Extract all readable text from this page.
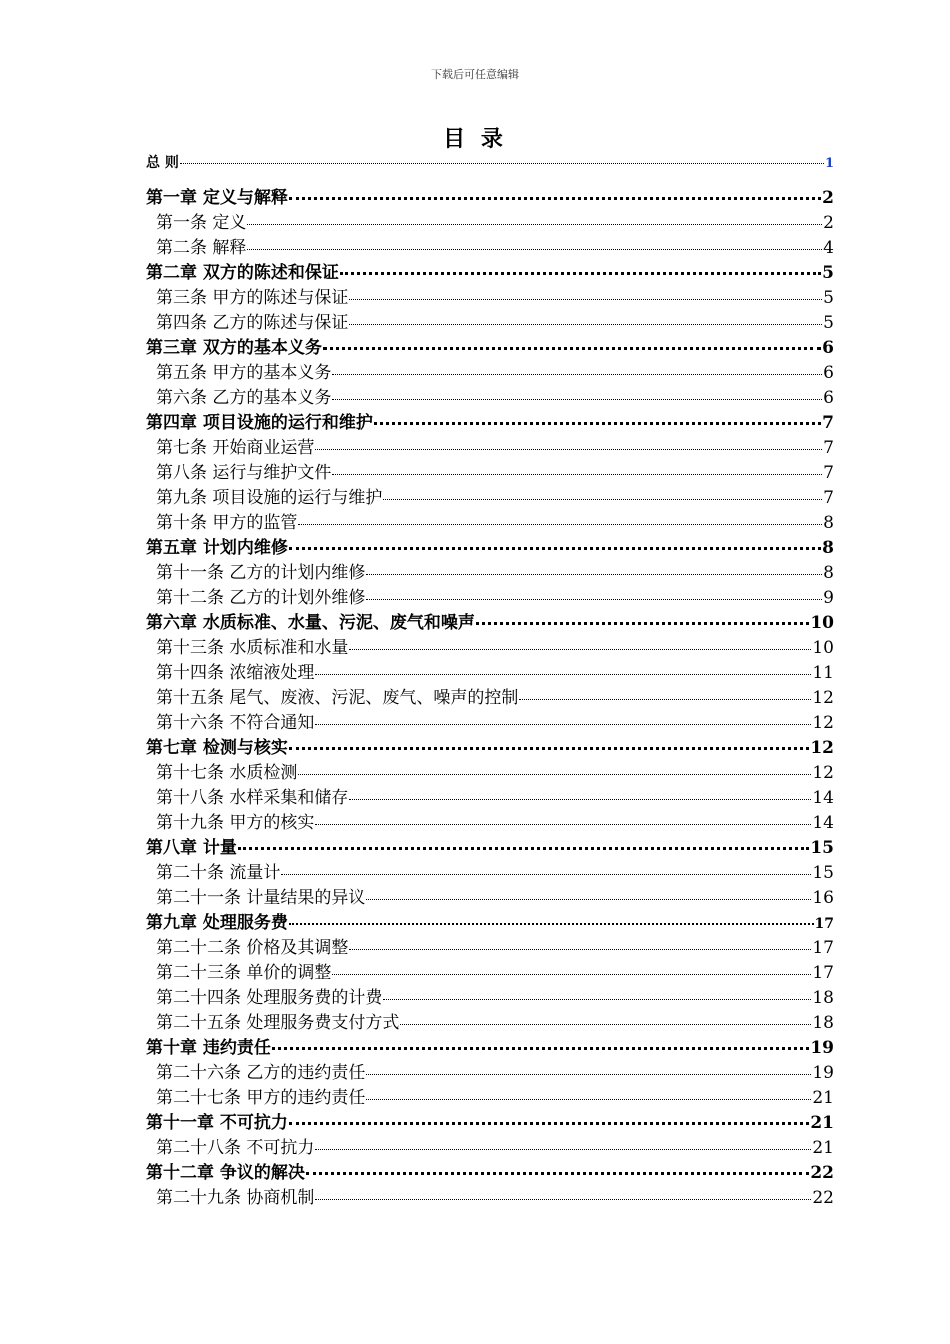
下载后可任意编辑
目 录
总 则	1
第一章 定义与解释	2
第一条 定义	2
第二条 解释	4
第二章 双方的陈述和保证	5
第三条 甲方的陈述与保证	5
第四条 乙方的陈述与保证	5
第三章 双方的基本义务	6
第五条 甲方的基本义务	6
第六条 乙方的基本义务	6
第四章 项目设施的运行和维护	7
第七条 开始商业运营	7
第八条 运行与维护文件	7
第九条 项目设施的运行与维护	7
第十条 甲方的监管	8
第五章 计划内维修	8
第十一条 乙方的计划内维修	8
第十二条 乙方的计划外维修	9
第六章 水质标准、水量、污泥、废气和噪声	10
第十三条 水质标准和水量	10
第十四条 浓缩液处理	11
第十五条 尾气、废液、污泥、废气、噪声的控制	12
第十六条 不符合通知	12
第七章 检测与核实	12
第十七条 水质检测	12
第十八条 水样采集和储存	14
第十九条 甲方的核实	14
第八章 计量	15
第二十条 流量计	15
第二十一条 计量结果的异议	16
第九章 处理服务费	17
第二十二条 价格及其调整	17
第二十三条 单价的调整	17
第二十四条 处理服务费的计费	18
第二十五条 处理服务费支付方式	18
第十章 违约责任	19
第二十六条 乙方的违约责任	19
第二十七条 甲方的违约责任	21
第十一章 不可抗力	21
第二十八条 不可抗力	21
第十二章 争议的解决	22
第二十九条 协商机制	22
